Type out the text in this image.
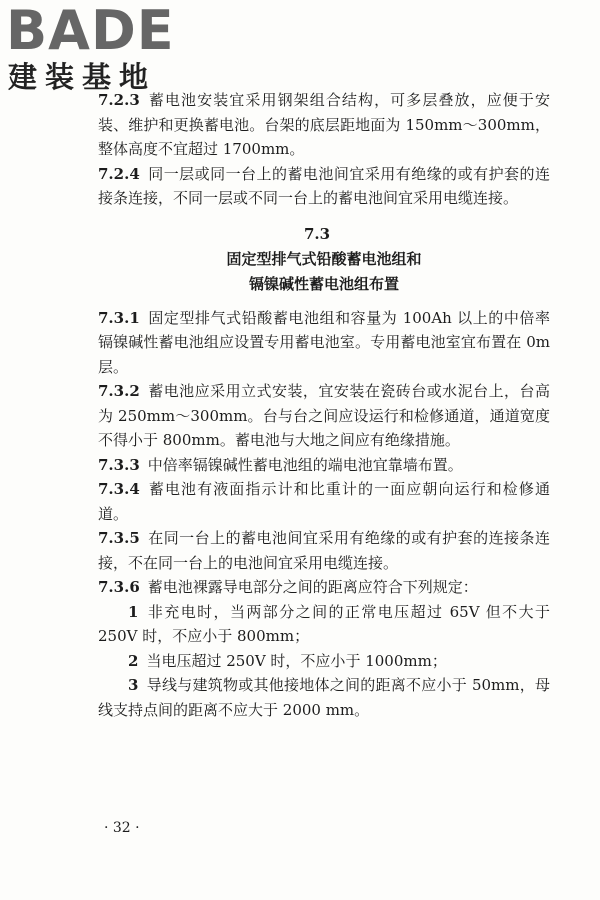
BADE
建装基地

7.2.3 蓄电池安装宜采用钢架组合结构，可多层叠放，应便于安装、维护和更换蓄电池。台架的底层距地面为 150mm～300mm，整体高度不宜超过 1700mm。

7.2.4 同一层或同一台上的蓄电池间宜采用有绝缘的或有护套的连接条连接，不同一层或不同一台上的蓄电池间宜采用电缆连接。

7.3
固定型排气式铅酸蓄电池组和
镉镍碱性蓄电池组布置

7.3.1 固定型排气式铅酸蓄电池组和容量为 100Ah 以上的中倍率镉镍碱性蓄电池组应设置专用蓄电池室。专用蓄电池室宜布置在 0m 层。

7.3.2 蓄电池应采用立式安装，宜安装在瓷砖台或水泥台上，台高为 250mm～300mm。台与台之间应设运行和检修通道，通道宽度不得小于 800mm。蓄电池与大地之间应有绝缘措施。

7.3.3 中倍率镉镍碱性蓄电池组的端电池宜靠墙布置。

7.3.4 蓄电池有液面指示计和比重计的一面应朝向运行和检修通道。

7.3.5 在同一台上的蓄电池间宜采用有绝缘的或有护套的连接条连接，不在同一台上的电池间宜采用电缆连接。

7.3.6 蓄电池裸露导电部分之间的距离应符合下列规定：

1 非充电时，当两部分之间的正常电压超过 65V 但不大于 250V 时，不应小于 800mm；

2 当电压超过 250V 时，不应小于 1000mm；

3 导线与建筑物或其他接地体之间的距离不应小于 50mm，母线支持点间的距离不应大于 2000 mm。

· 32 ·
